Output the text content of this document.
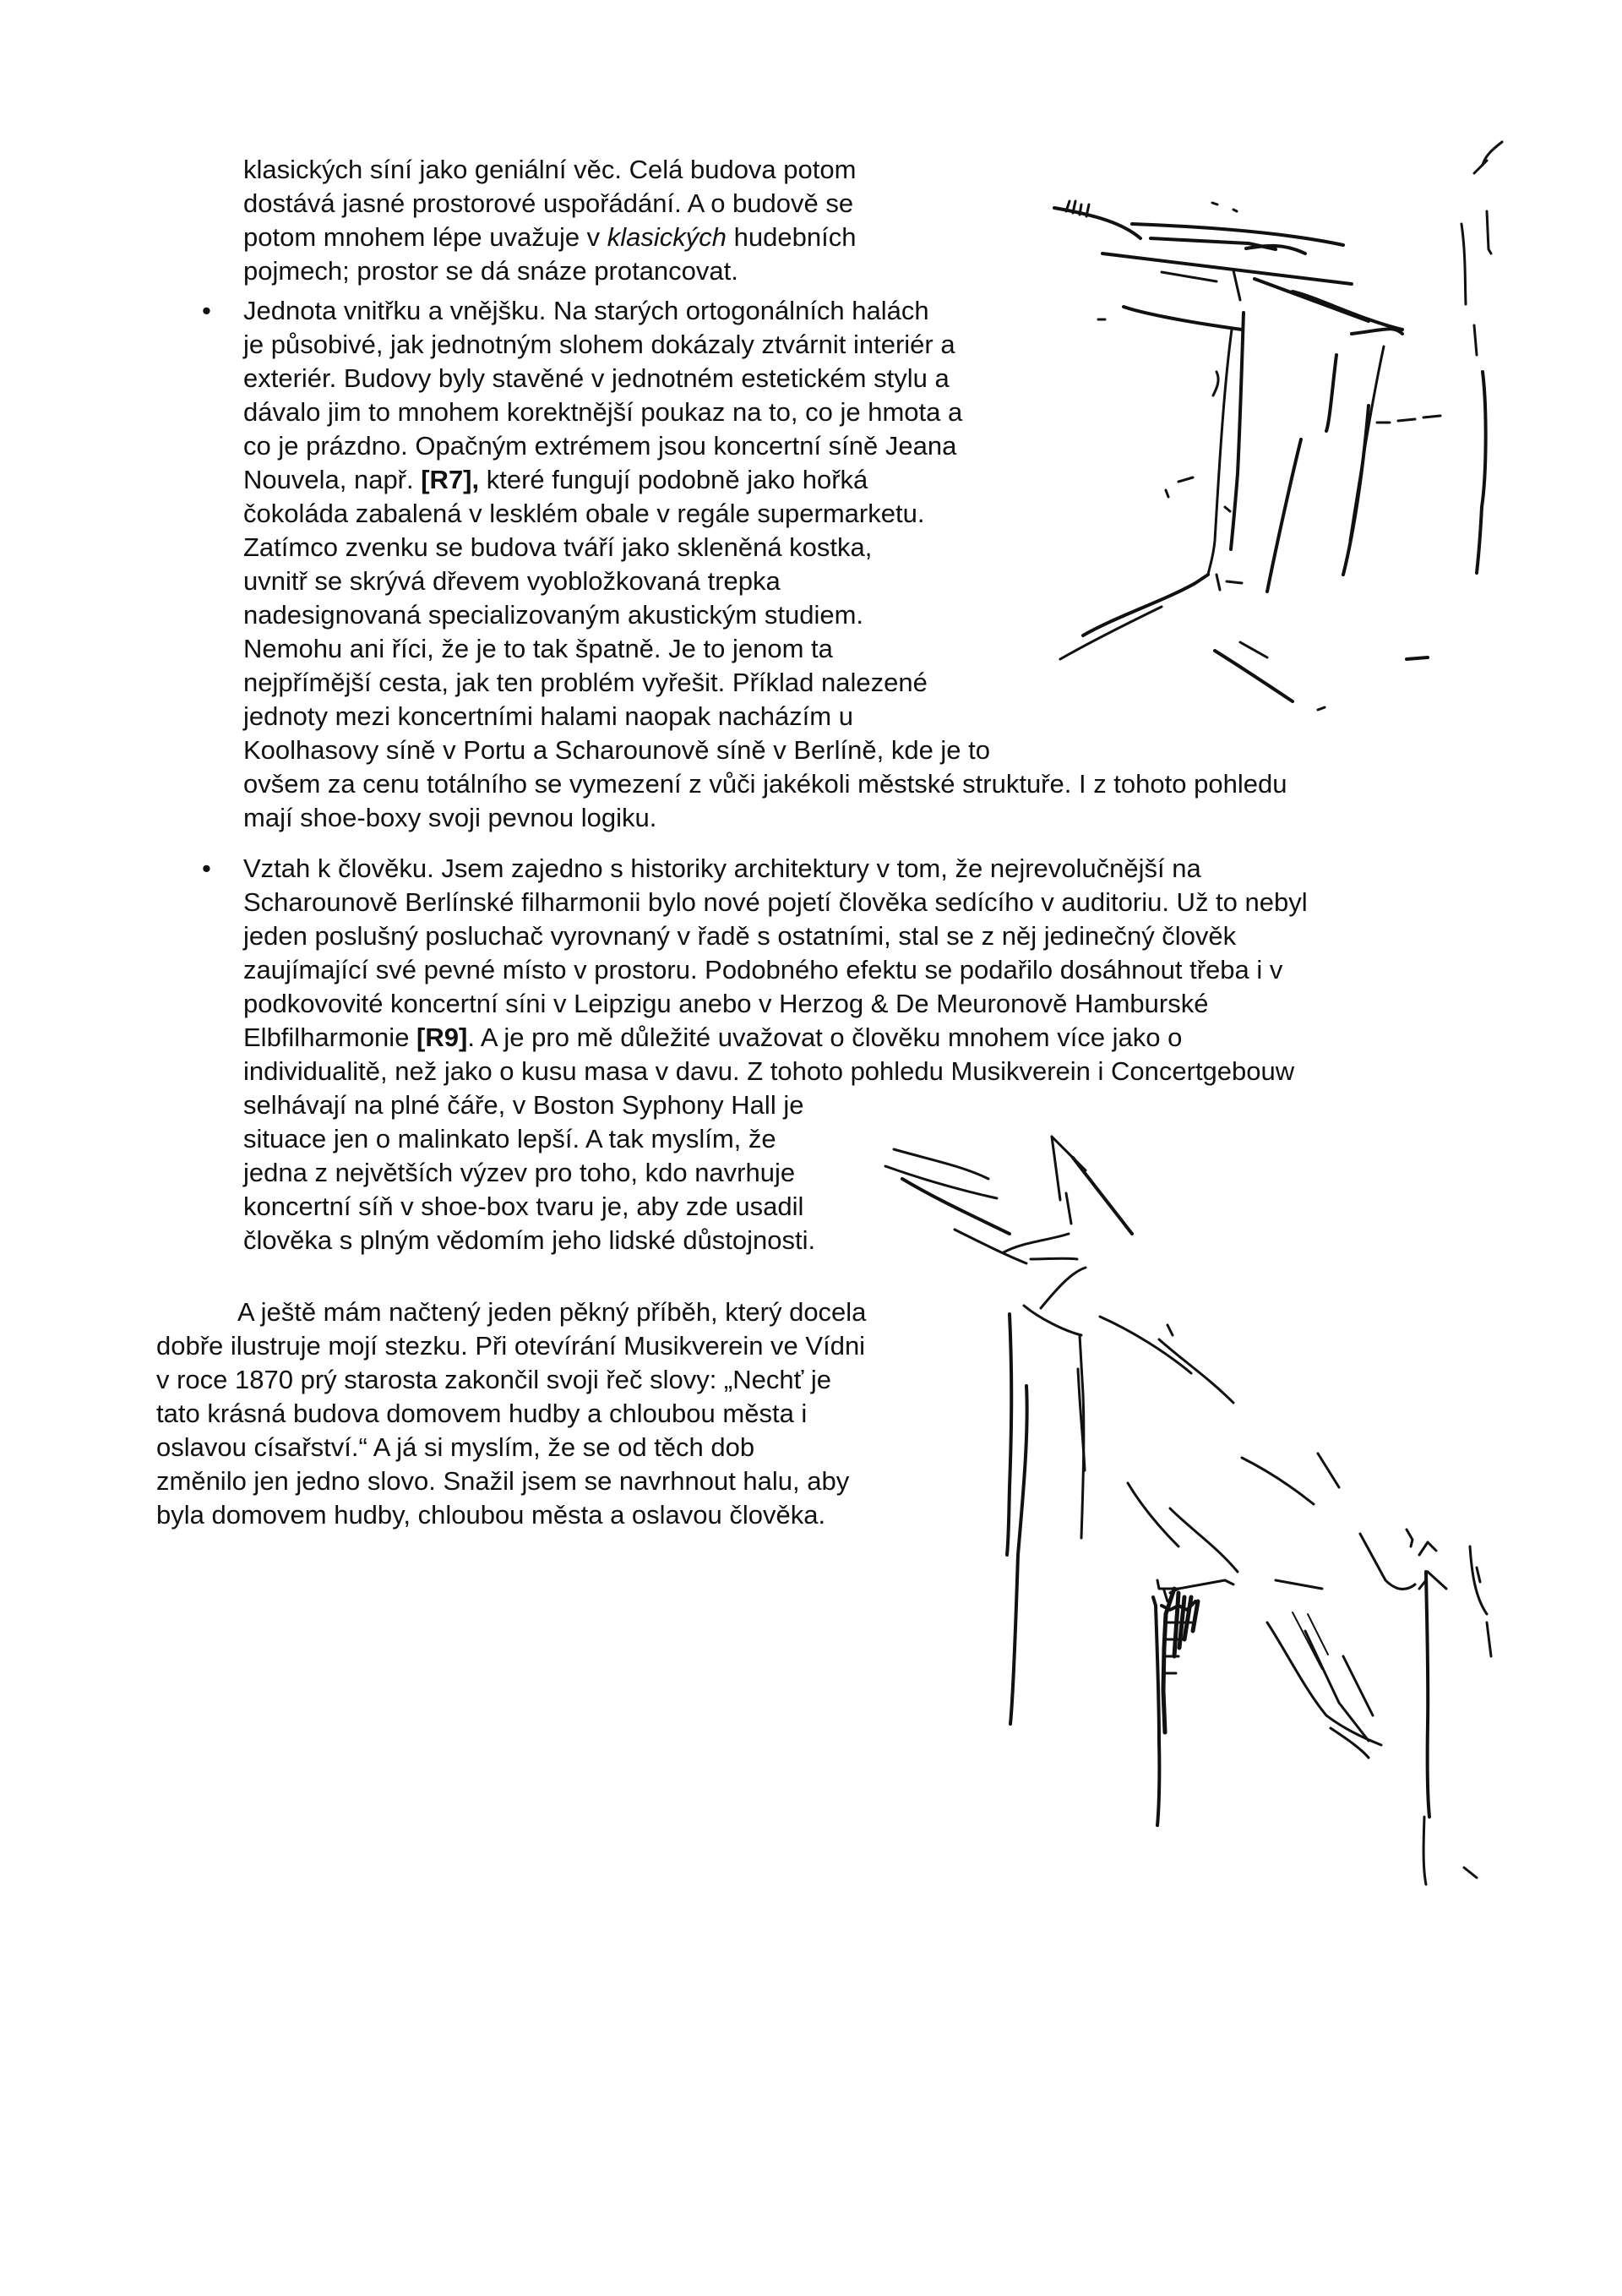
klasických síní jako geniální věc. Celá budova potom
dostává jasné prostorové uspořádání. A o budově se
potom mnohem lépe uvažuje v klasických hudebních
pojmech; prostor se dá snáze protancovat.
• Jednota vnitřku a vnějšku. Na starých ortogonálních halách
je působivé, jak jednotným slohem dokázaly ztvárnit interiér a
exteriér. Budovy byly stavěné v jednotném estetickém stylu a
dávalo jim to mnohem korektnější poukaz na to, co je hmota a
co je prázdno. Opačným extrémem jsou koncertní síně Jeana
Nouvela, např. [R7], které fungují podobně jako hořká
čokoláda zabalená v lesklém obale v regále supermarketu.
Zatímco zvenku se budova tváří jako skleněná kostka,
uvnitř se skrývá dřevem vyobložkovaná trepka
nadesignovaná specializovaným akustickým studiem.
Nemohu ani říci, že je to tak špatně. Je to jenom ta
nejpřímější cesta, jak ten problém vyřešit. Příklad nalezené
jednoty mezi koncertními halami naopak nacházím u
Koolhasovy síně v Portu a Scharounově síně v Berlíně, kde je to
ovšem za cenu totálního se vymezení z vůči jakékoli městské struktuře. I z tohoto pohledu
mají shoe-boxy svoji pevnou logiku.
• Vztah k člověku. Jsem zajedno s historiky architektury v tom, že nejrevolučnější na
Scharounově Berlínské filharmonii bylo nové pojetí člověka sedícího v auditoriu. Už to nebyl
jeden poslušný posluchač vyrovnaný v řadě s ostatními, stal se z něj jedinečný člověk
zaujímající své pevné místo v prostoru. Podobného efektu se podařilo dosáhnout třeba i v
podkovovité koncertní síni v Leipzigu anebo v Herzog & De Meuronově Hamburské
Elbfilharmonie [R9]. A je pro mě důležité uvažovat o člověku mnohem více jako o
individualitě, než jako o kusu masa v davu. Z tohoto pohledu Musikverein i Concertgebouw
selhávají na plné čáře, v Boston Syphony Hall je
situace jen o malinkato lepší. A tak myslím, že
jedna z největších výzev pro toho, kdo navrhuje
koncertní síň v shoe-box tvaru je, aby zde usadil
člověka s plným vědomím jeho lidské důstojnosti.
A ještě mám načtený jeden pěkný příběh, který docela
dobře ilustruje mojí stezku. Při otevírání Musikverein ve Vídni
v roce 1870 prý starosta zakončil svoji řeč slovy: „Nechť je
tato krásná budova domovem hudby a chloubou města i
oslavou císařství.“ A já si myslím, že se od těch dob
změnilo jen jedno slovo. Snažil jsem se navrhnout halu, aby
byla domovem hudby, chloubou města a oslavou člověka.
